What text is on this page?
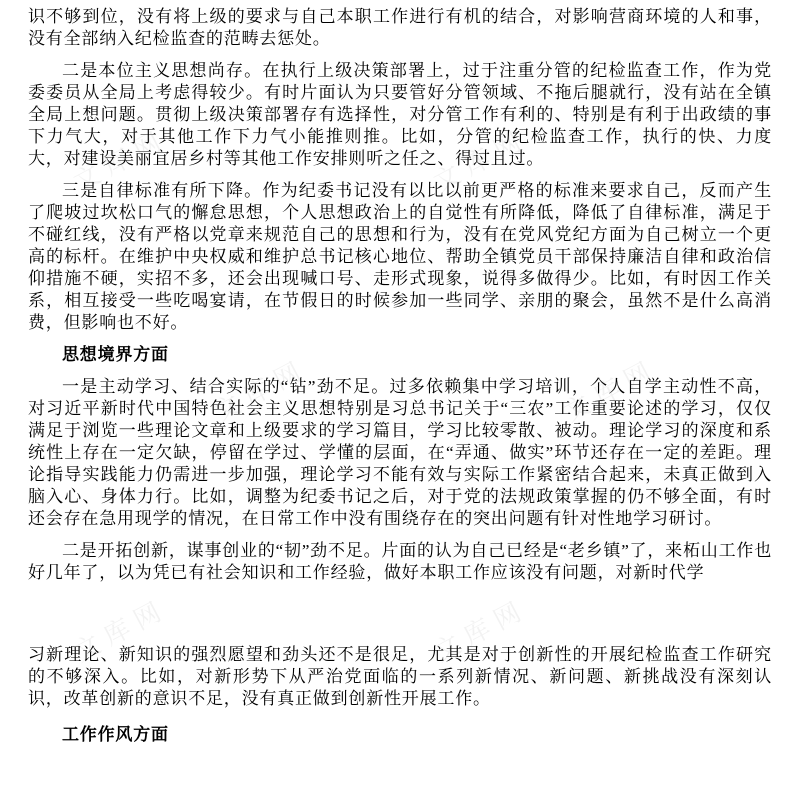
文库网	文库网
文库网	文库网
文库网	文库网

识不够到位，没有将上级的要求与自己本职工作进行有机的结合，对影响营商环境的人和事，没有全部纳入纪检监查的范畴去惩处。

二是本位主义思想尚存。在执行上级决策部署上，过于注重分管的纪检监查工作，作为党委委员从全局上考虑得较少。有时片面认为只要管好分管领域、不拖后腿就行，没有站在全镇全局上想问题。贯彻上级决策部署存有选择性，对分管工作有利的、特别是有利于出政绩的事下力气大，对于其他工作下力气小能推则推。比如，分管的纪检监查工作，执行的快、力度大，对建设美丽宜居乡村等其他工作安排则听之任之、得过且过。

三是自律标准有所下降。作为纪委书记没有以比以前更严格的标准来要求自己，反而产生了爬坡过坎松口气的懈怠思想，个人思想政治上的自觉性有所降低，降低了自律标准，满足于不碰红线，没有严格以党章来规范自己的思想和行为，没有在党风党纪方面为自己树立一个更高的标杆。在维护中央权威和维护总书记核心地位、帮助全镇党员干部保持廉洁自律和政治信仰措施不硬，实招不多，还会出现喊口号、走形式现象，说得多做得少。比如，有时因工作关系，相互接受一些吃喝宴请，在节假日的时候参加一些同学、亲朋的聚会，虽然不是什么高消费，但影响也不好。

思想境界方面

一是主动学习、结合实际的“钻”劲不足。过多依赖集中学习培训，个人自学主动性不高，对习近平新时代中国特色社会主义思想特别是习总书记关于“三农”工作重要论述的学习，仅仅满足于浏览一些理论文章和上级要求的学习篇目，学习比较零散、被动。理论学习的深度和系统性上存在一定欠缺，停留在学过、学懂的层面，在“弄通、做实”环节还存在一定的差距。理论指导实践能力仍需进一步加强，理论学习不能有效与实际工作紧密结合起来，未真正做到入脑入心、身体力行。比如，调整为纪委书记之后，对于党的法规政策掌握的仍不够全面，有时还会存在急用现学的情况，在日常工作中没有围绕存在的突出问题有针对性地学习研讨。

二是开拓创新，谋事创业的“韧”劲不足。片面的认为自己已经是“老乡镇”了，来柘山工作也好几年了，以为凭已有社会知识和工作经验，做好本职工作应该没有问题，对新时代学

习新理论、新知识的强烈愿望和劲头还不是很足，尤其是对于创新性的开展纪检监查工作研究的不够深入。比如，对新形势下从严治党面临的一系列新情况、新问题、新挑战没有深刻认识，改革创新的意识不足，没有真正做到创新性开展工作。

工作作风方面
